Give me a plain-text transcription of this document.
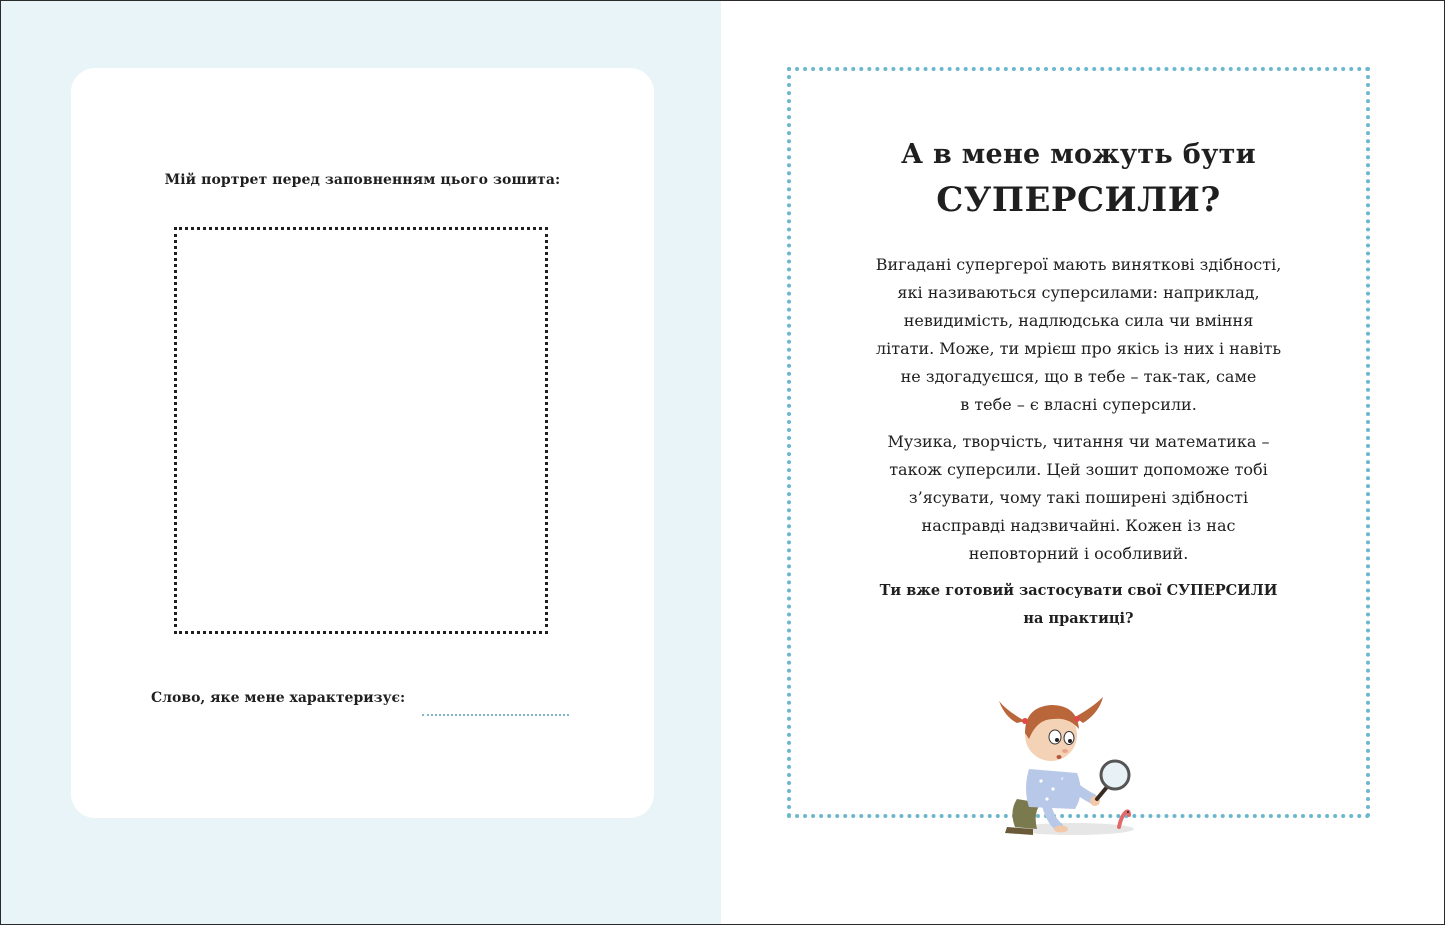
Мій портрет перед заповненням цього зошита:
Слово, яке мене характеризує:
А в мене можуть бути
СУПЕРСИЛИ?
Вигадані супергерої мають виняткові здібності,
які називаються суперсилами: наприклад,
невидимість, надлюдська сила чи вміння
літати. Може, ти мрієш про якісь із них і навіть
не здогадуєшся, що в тебе – так-так, саме
в тебе – є власні суперсили.
Музика, творчість, читання чи математика –
також суперсили. Цей зошит допоможе тобі
з’ясувати, чому такі поширені здібності
насправді надзвичайні. Кожен із нас
неповторний і особливий.
Ти вже готовий застосувати свої СУПЕРСИЛИ
на практиці?
